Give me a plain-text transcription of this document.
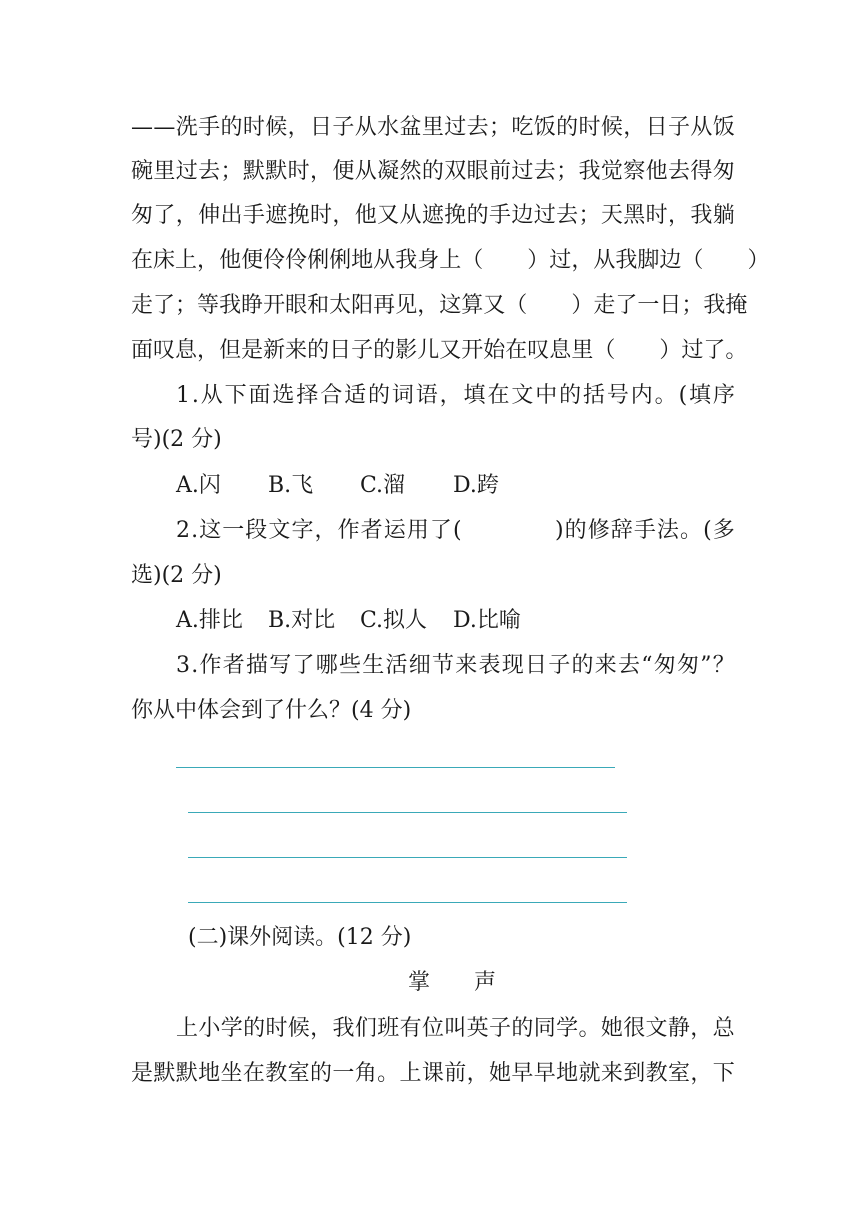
— — 洗 手 的 时 候 ， 日 子 从 水 盆 里 过 去 ； 吃 饭 的 时 候 ， 日 子 从 饭
碗 里 过 去 ； 默 默 时 ， 便 从 凝 然 的 双 眼 前 过 去 ； 我 觉 察 他 去 得 匆
匆 了 ， 伸 出 手 遮 挽 时 ， 他 又 从 遮 挽 的 手 边 过 去 ； 天 黑 时 ， 我 躺
在 床 上 ， 他 便 伶 伶 俐 俐 地 从 我 身 上 （

　 ） 过 ， 从 我 脚 边 （

　 ）
走 了 ； 等 我 睁 开 眼 和 太 阳 再 见 ， 这 算 又 （

　 ） 走 了 一 日 ； 我 掩
面 叹 息 ， 但 是 新 来 的 日 子 的 影 儿 又 开 始 在 叹 息 里 （

　 ） 过 了 。
1 . 从 下 面 选 择 合 适 的 词 语 ， 填 在 文 中 的 括 号 内 。 ( 填 序
号)(2 分)
A.闪 B.飞 C.溜 D.跨
2 . 这 一 段 文 字 ， 作 者 运 用 了 (

　	) 的 修 辞 手 法 。 ( 多
选)(2 分)
A.排比 B.对比 C.拟人 D.比喻
3 . 作 者 描 写 了 哪 些 生 活 细 节 来 表 现 日 子 的 来 去 “ 匆 匆 ” ？
你从中体会到了什么？(4 分)
(二)课外阅读。(12 分)
掌　　声
上 小 学 的 时 候 ， 我 们 班 有 位 叫 英 子 的 同 学 。 她 很 文 静 ， 总
是 默 默 地 坐 在 教 室 的 一 角 。 上 课 前 ， 她 早 早 地 就 来 到 教 室 ， 下
